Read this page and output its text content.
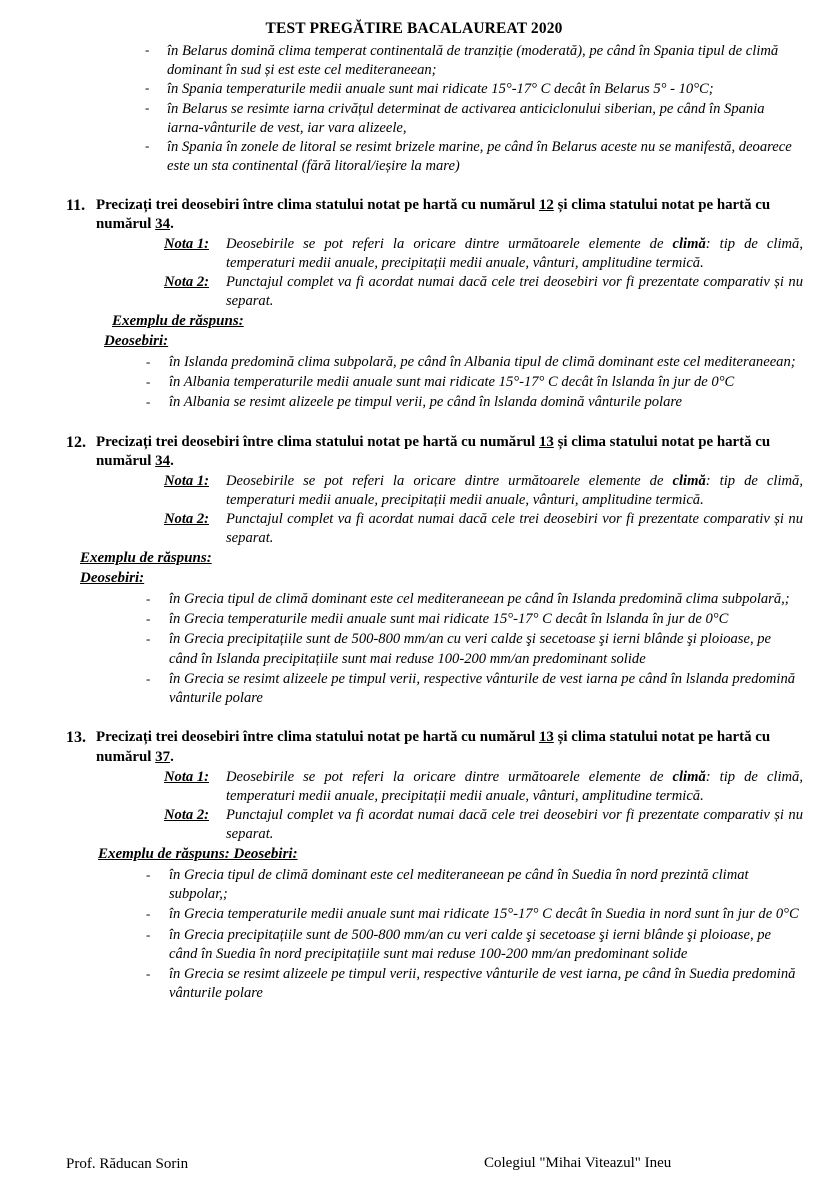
TEST PREGĂTIRE BACALAUREAT 2020
- în Belarus domină clima temperat continentală de tranziție (moderată), pe când în Spania tipul de climă dominant în sud și est este cel mediteraneean;
- în Spania temperaturile medii anuale sunt mai ridicate 15°-17° C decât în Belarus 5° - 10°C;
- în Belarus se resimte iarna crivățul determinat de activarea anticiclonului siberian, pe când în Spania iarna-vânturile de vest, iar vara alizeele,
- în Spania în zonele de litoral se resimt brizele marine, pe când în Belarus aceste nu se manifestă, deoarece este un sta continental (fără litoral/ieșire la mare)
11. Precizați trei deosebiri între clima statului notat pe hartă cu numărul 12 și clima statului notat pe hartă cu numărul 34.
Nota 1: Deosebirile se pot referi la oricare dintre următoarele elemente de climă: tip de climă, temperaturi medii anuale, precipitații medii anuale, vânturi, amplitudine termică.
Nota 2: Punctajul complet va fi acordat numai dacă cele trei deosebiri vor fi prezentate comparativ și nu separat.
Exemplu de răspuns:
Deosebiri:
- în Islanda predomină clima subpolară, pe când în Albania tipul de climă dominant este cel mediteraneean;
- în Albania temperaturile medii anuale sunt mai ridicate 15°-17° C decât în lslanda în jur de 0°C
- în Albania se resimt alizeele pe timpul verii, pe când în lslanda domină vânturile polare
12. Precizați trei deosebiri între clima statului notat pe hartă cu numărul 13 și clima statului notat pe hartă cu numărul 34.
Nota 1: Deosebirile se pot referi la oricare dintre următoarele elemente de climă: tip de climă, temperaturi medii anuale, precipitații medii anuale, vânturi, amplitudine termică.
Nota 2: Punctajul complet va fi acordat numai dacă cele trei deosebiri vor fi prezentate comparativ și nu separat.
Exemplu de răspuns:
Deosebiri:
- în Grecia tipul de climă dominant este cel mediteraneean pe când în Islanda predomină clima subpolară,;
- în Grecia temperaturile medii anuale sunt mai ridicate 15°-17° C decât în lslanda în jur de 0°C
- în Grecia precipitațiile sunt de 500-800 mm/an cu veri calde şi secetoase şi ierni blânde şi ploioase, pe când în Islanda precipitațiile sunt mai reduse 100-200 mm/an predominant solide
- în Grecia se resimt alizeele pe timpul verii, respective vânturile de vest iarna pe când în lslanda predomină vânturile polare
13. Precizați trei deosebiri între clima statului notat pe hartă cu numărul 13 și clima statului notat pe hartă cu numărul 37.
Nota 1: Deosebirile se pot referi la oricare dintre următoarele elemente de climă: tip de climă, temperaturi medii anuale, precipitații medii anuale, vânturi, amplitudine termică.
Nota 2: Punctajul complet va fi acordat numai dacă cele trei deosebiri vor fi prezentate comparativ și nu separat.
Exemplu de răspuns: Deosebiri:
- în Grecia tipul de climă dominant este cel mediteraneean pe când în Suedia în nord prezintă climat subpolar,;
- în Grecia temperaturile medii anuale sunt mai ridicate 15°-17° C decât în Suedia in nord sunt în jur de 0°C
- în Grecia precipitațiile sunt de 500-800 mm/an cu veri calde şi secetoase şi ierni blânde şi ploioase, pe când în Suedia în nord precipitațiile sunt mai reduse 100-200 mm/an predominant solide
- în Grecia se resimt alizeele pe timpul verii, respective vânturile de vest iarna, pe când în Suedia predomină vânturile polare
Prof. Răducan Sorin	Colegiul "Mihai Viteazul" Ineu
